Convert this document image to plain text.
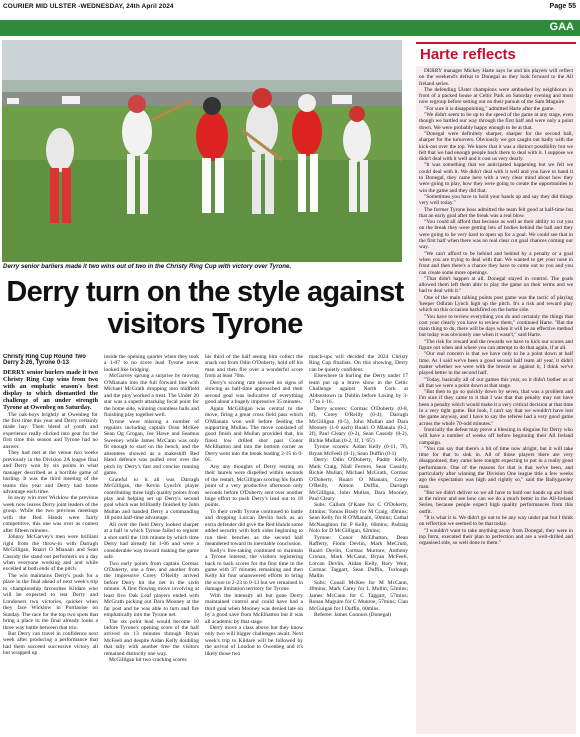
COURIER MID ULSTER -WEDNESDAY, 24th April 2024	Page 55
GAA
Derry senior barliers made it two wins out of two in the Christy Ring Cup with victory over Tyrone.
Derry turn on the style against visitors Tyrone

Christy Ring Cup Round Two

Derry 2-26, Tyrone 0-13

DERRY senior hurlers made it two Christy Ring Cup wins from two with an emphatic season's best display to which dismantled the challenge of an under strength Tyrone at Owenbeg on Saturday.

The oak-boys brightly at Owenbeg for the first time this year and Derry certainly made hay. Their blend of youth and experience really clicked into gear for the first time this season and Tyrone had no answer.

They had met at the venue two weeks previously in the Division 2A league final and Derry won by six points in what manager described as a horrible game of hurling. It was the third meeting of the teams this year and Derry had home advantage each time.

In away win over Wicklow the previous week now leaves Derry joint leaders of the group. While the two previous meetings with the Red Hands were fairly competitive, this one was over as contest after fifteen minutes.

Johnny McGarvey's men were brilliant right from the throw-in with Darragh McGilligan, Ruairi O Mianain and Sean Cassidy the stand out performers on a day when everyone working and and while excelled at both ends of the pitch.

The win maintains Derry's push for a place in the final ahead of next week's trip to championship favourites Kildare who will be expected to test Derry and Londoners two victories, quicker when they face Wicklow in Portlaoise on Sunday. The race for the top two spots that bring a place in the final already looks a three way battle between that trio.

But Derry can travel in confidence next week after producing a performance that had them succeed successive victory all but wrapped up

inside the opening quarter when they took a 1-07 to no score lead Tyrone never looked like bridging.

McGarvey sprung a surprise by moving O'Mianain into the full forward line with Michael McGrath dropping into midfield and the ploy worked a treat. The Under 20 star was a superb attacking focal point for the home side, winning countless balls and finishing play together well.

Tyrone were missing a number of regulars including captain Oran McKee Sean Og Grogan, Joe Hawe and Seamus Sweeney while James McCann was only fit enough to start on the bench, and the absentees showed as a makeshift Red Hand defence was pulled over over the pitch by Derry's fast and concise running game.

Grateful to it all was Darragh McGilligan, the Kevin Lynch's player contributing three high quality points from play and helping set up Derry's second goal which was brilliantly finished by John Mullan and handed Derry a commanding 18 point half-time advantage.

All over the field Derry looked sharper at a half in which Tyrone failed to register a shot until the 11th minute by which time Derry had already hit 1-06 and were a considerable way toward making the game safe.

Two early points from captain Cormac O'Doherty, one a free, and another from the impressive Corey O'Reilly arrived before Derry hit the net in the sixth minute. A first flowing move involving at least five Oak Leaf players ended with McGrath picking out Dara Mooney at the far post and he was able to turn and fire emphatically into the Tyrone net.

The six point lead would become 10 before Tyrone's opening score of the half arrived on 13 minutes through Bryan McFeeli and despite Aidan Kelly doubling that tally with another free the visitors remained distinctly one way.

McGilligan hit two cracking scores

his third of the half seeing him collect the snack out from Odin O'Doherty, hold off his man and then fire over a wonderful score from at least 70m.

Derry's scoring rate showed no signs of slowing as half-time approached and their second goal was indicative of everything good about a hugely impressive 35 minutes.

Again McGilligan was central to the move, firing a great cross field pass which O'Mianain won well before feeding the supporting Mullan. The move consisted of good finish and Mullan provided that, his finest low drilled shot past Conor McElhatton and into the bottom corner as Derry went into the break leading 2-15 to 0-05.

Any any thoughts of Derry resting on their laurels were dispelled within seconds of the restart, McGilligan scoring his fourth point of a very productive afternoon only seconds before O'Doherty sent over another huge effort to push Derry's lead out to 18 points.

To their credit Tyrone continued to battle and dropping Lorcan Devlin back as an extra defender did give the Red Hands some added security with both sides beginning to run their benches as the second half meandered toward its inevitable conclusion.

Kelly's free-taking continued to maintain a Tyrone interest, the visitors registering back to back scores for the first time in the game with 37 minutes remaining and then Kelly hit four unanswered efforts to bring the score to 2-23 to 0-13 but we remained in damage limitation territory for Tyrone.

With the intensity all but gone Derry maintained control and could have had a third goal when Mooney was denied late on by a good save from McElhatton but it was all academic by that stage.

Derry move a class above but they know only two will bigger challenges await. Next week's trip to Kildare will be followed by the arrival of London to Owenbeg and it's likely those two

match-ups will decided the 2024 Christy Ring Cup finalists. On this showing, Derry can be quietly confident.

Elsewhere in hurling the Derry under 17 team put up a brave show in the Celtic Challenge against North Cork at Abbotstown in Dublin before Losing by 3-17 to 1-16.

Derry scorers: Cormac O'Doherty (0-8, 6f), Corey O'Reilly (0-4), Darragh McGilligan (0-5), John Mullan and Dara Mooney (1-0 each) Ruairi O Mianain (0-2, 2f), Paul Cleary (0-2), Sean Cassidy (0-2), Richie Mullan (0-2, 1f, 1 '65')

Tyrone scorers: Aidan Kelly (0-11, 7f), Bryan McFeeli (0-1), Sean Duffin (0-1)

Derry: Odin O'Doherty, Paddy Kelly, Mark Craig, Niall Ferrero, Sean Cassidy, Richie Mullan, Michael McGrath, Cormac O'Doherty, Ruairi O Mianain, Corey O'Reilly, Aimon Duffin, Darragh McGilligan, John Mullan, Dara Mooney, Paul Cleary

Subs: Callum O'Kane for C O'Doherty, 44mins; Tomas Brady for M Craig, 49mins; Sean Kelly for R O'Mianain, 50mins; Cathal McNaughton for P Kelly, 60mins; Padraig Nolo for D McGilligan, 62mins;

Tyrone: Conor McElhatton, Dean Rafferty, Fionn Devlin, Mark MeCrum, Ruairi Devlin, Cormac Murtore, Anthony Cronan, Mark McCann, Bryan McFeeli, Lorcan Devlin, Aidan Kelly, Rory Weir, Cormac Taggart, Sean Duffin, Turlough Mallin

Subs: Conail McKee for M McCann, 40mins; Mark Carey for L Mullin, 52mins; James McCann for C Taggart, 57mins; Ronan Maguire for C Munroe, 57mins; Cian McGuigan for I Duffin, 60mins.

Referee: James Connors (Donegal)

Harte reflects

DERRY manager Mickey Harte says he and his players will reflect on the weekend's defeat to Donegal as they look forward to the All Ireland series.

The defending Ulster champions were ambushed by neighbours in front of a packed house at Celtic Park on Saturday evening and must now regroup before setting out on their pursuit of the Sam Maguire.

"For sure it is disappointing," admitted Harte after the game.

"We didn't seem to be up to the speed of the game at any stage, even though we battled our way through the first half and were only a point down. We were probably happy enough to be at that.

"Donegal were definitely sharper, sharper for the second ball, sharper for the turnovers. Obviously we got caught out badly with the kick-out over the top. We knew that it was a distinct possibility but we felt that we had enough people back there to deal with it. I suppose we didn't deal with it well and it cost us very dearly.

"It was something that we anticipated happening but we felt we could deal with it. We didn't deal with it well and you have to hand it to Donegal, they came here with a very clear mind about how they were going to play, how they were going to create the opportunities to win the game and they did that.

"Sometimes you have to hold your hands up and say they did things very well today."

The former Tyrone boss admitted the team felt good at half-time but that an early goal after the break was a real blow.

"You could all afford that because as well as their ability to cut you on the break they were getting lots of bodies behind the ball and they were going to be very hard to open up for a goal. We could see that in the first half when there was no real clear cut goal chances coming our way.

"We can't afford to be behind and behind by a penalty or a goal when you are trying to deal with that. We wanted to get your nose in front and then there's a chance they have to come out to you and you can create some more openings.

"That didn't happen at all. Donegal stayed in control. The goals allowed them left them able to play the game on their terms and we had to deal with it."

One of the main talking points post game was the tactic of playing 'keeper Odhran Lynch high up the pitch. It's a risk and reward play which on this occasion backfired on the home side.

"You have to review everything you do and certainly the things that cost your clearly you have to review them," continued Harte. "But the main thing to do, there will be days when it will be an effective method but today was obviously one when it wasn't," said Harte.

"The risk for reward and the rewards we have to kick our scores and figure out when and where you can attempt to do that again, if at all.

"Our real concern is that we have only to be a point down at half time. As I said we've been a good second half team all year, it didn't matter whether we were with the breeze or against it, I think we've played better in the second half.

"Today, basically all of our games this year, so it didn't bother us at all that we were a point down at that stage.

"But then to go so quickly down by seven, that was a problem and I'm sure if they came to it that I was that that penalty may not have been a penalty which would make it a very critical decision at that time in a very tight game. But look, I can't say that we wouldn't have lost the game anyway, and I have to say the referee had a very good game across the whole 70-odd minutes."

Ironically the defeat may prove a blessing in disguise for Derry who will have a number of weeks off before beginning their All Ireland campaign.

"You can say that there's a bit of time now alright, but it will take time for that to sink in. All of those players there are very disappointed, they came here tonight expecting to put in a really good performance. One of the reasons for that is that we've been, and particularly after winning the Division One league title a few weeks ago the expectation was high and rightly so," said the Ballygawley man.

"But we didn't deliver so we all have to hold our hands up and look at the mirror and see how can we do a much better in the All-Ireland Series, because people expect high quality performances from this outfit.

"It is what it is. We didn't go out to be any way under par but I think on reflection we seemed to be that today.

"I wouldn't want to take anything away from Donegal, they were in top form, executed their plan to perfection and are a well-drilled and organised side, so well done to them."
